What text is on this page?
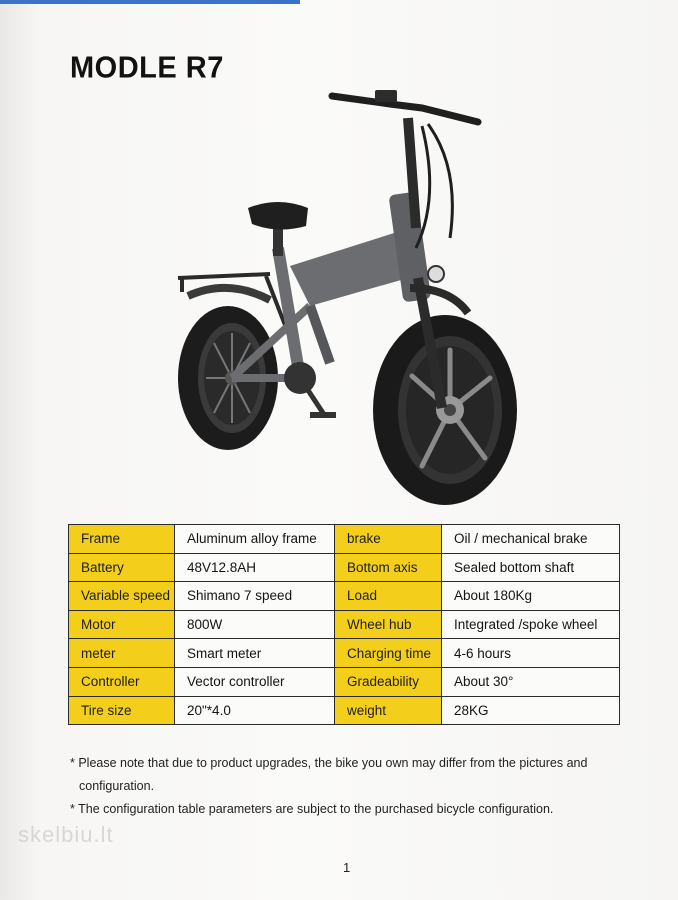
MODLE R7
Frame	Aluminum alloy frame	brake	Oil / mechanical brake
Battery	48V12.8AH	Bottom axis	Sealed bottom shaft
Variable speed	Shimano 7 speed	Load	About 180Kg
Motor	800W	Wheel hub	Integrated /spoke wheel
meter	Smart meter	Charging time	4-6 hours
Controller	Vector controller	Gradeability	About 30°
Tire size	20"*4.0	weight	28KG

* Please note that due to product upgrades, the bike you own may differ from the pictures and

configuration.

* The configuration table parameters are subject to the purchased bicycle configuration.

skelbiu.lt
1
